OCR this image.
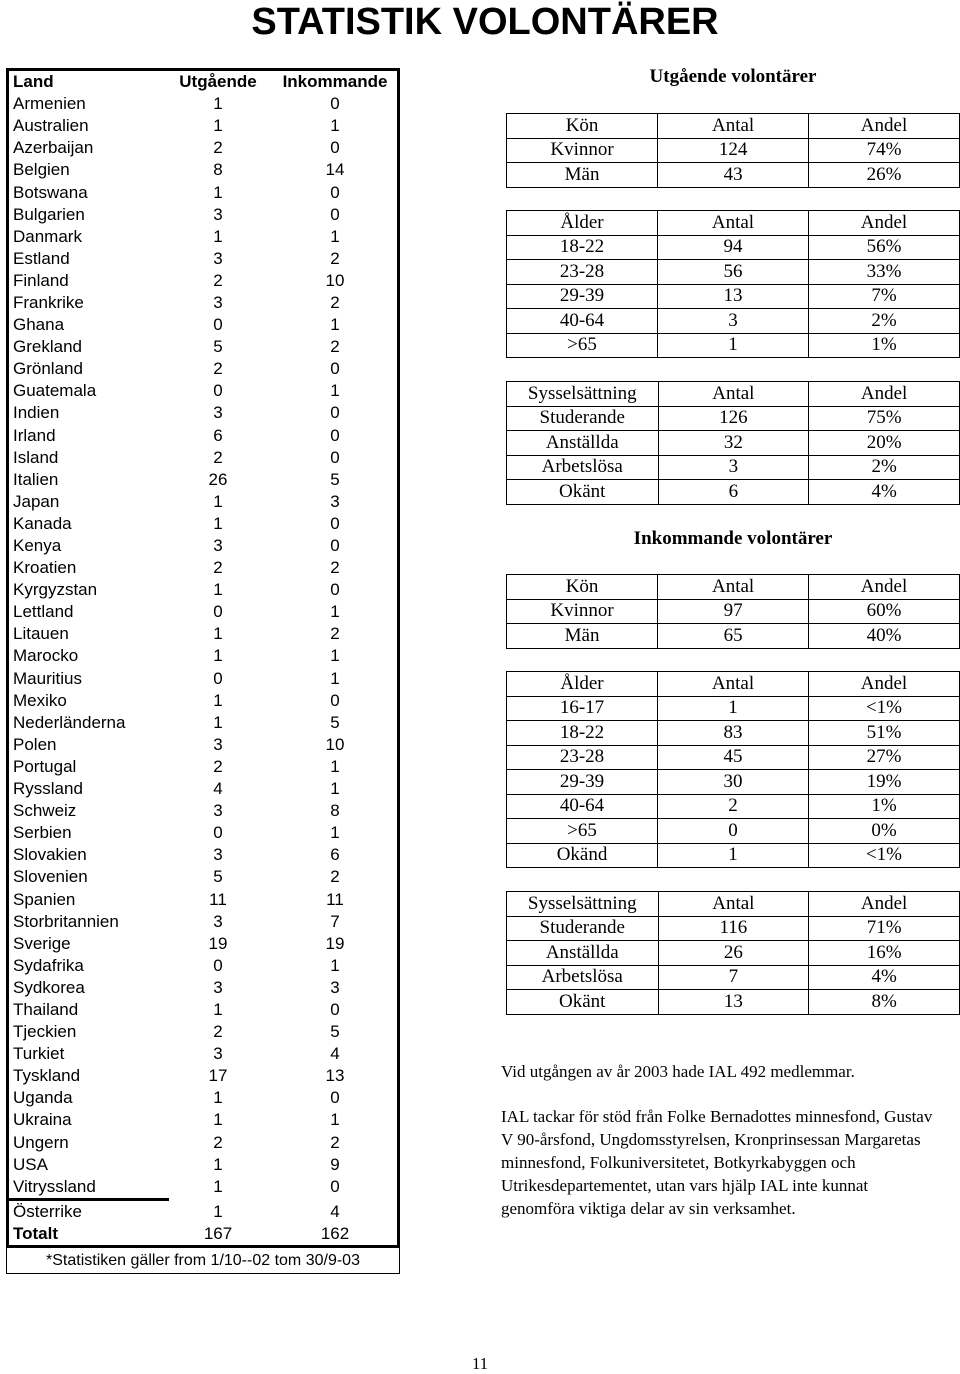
STATISTIK VOLONTÄRER
Land	Utgående	Inkommande
Armenien	1	0
Australien	1	1
Azerbaijan	2	0
Belgien	8	14
Botswana	1	0
Bulgarien	3	0
Danmark	1	1
Estland	3	2
Finland	2	10
Frankrike	3	2
Ghana	0	1
Grekland	5	2
Grönland	2	0
Guatemala	0	1
Indien	3	0
Irland	6	0
Island	2	0
Italien	26	5
Japan	1	3
Kanada	1	0
Kenya	3	0
Kroatien	2	2
Kyrgyzstan	1	0
Lettland	0	1
Litauen	1	2
Marocko	1	1
Mauritius	0	1
Mexiko	1	0
Nederländerna	1	5
Polen	3	10
Portugal	2	1
Ryssland	4	1
Schweiz	3	8
Serbien	0	1
Slovakien	3	6
Slovenien	5	2
Spanien	11	11
Storbritannien	3	7
Sverige	19	19
Sydafrika	0	1
Sydkorea	3	3
Thailand	1	0
Tjeckien	2	5
Turkiet	3	4
Tyskland	17	13
Uganda	1	0
Ukraina	1	1
Ungern	2	2
USA	1	9
Vitryssland	1	0
Österrike	1	4
Totalt	167	162
*Statistiken gäller from 1/10--02 tom 30/9-03
Utgående volontärer
Kön	Antal	Andel
Kvinnor	124	74%
Män	43	26%
Ålder	Antal	Andel
18-22	94	56%
23-28	56	33%
29-39	13	7%
40-64	3	2%
>65	1	1%
Sysselsättning	Antal	Andel
Studerande	126	75%
Anställda	32	20%
Arbetslösa	3	2%
Okänt	6	4%
Inkommande volontärer
Kön	Antal	Andel
Kvinnor	97	60%
Män	65	40%
Ålder	Antal	Andel
16-17	1	<1%
18-22	83	51%
23-28	45	27%
29-39	30	19%
40-64	2	1%
>65	0	0%
Okänd	1	<1%
Sysselsättning	Antal	Andel
Studerande	116	71%
Anställda	26	16%
Arbetslösa	7	4%
Okänt	13	8%
Vid utgången av år 2003 hade IAL 492 medlemmar.
IAL tackar för stöd från Folke Bernadottes minnesfond, Gustav V 90-årsfond, Ungdomsstyrelsen, Kronprinsessan Margaretas minnesfond, Folkuniversitetet, Botkyrkabyggen och Utrikesdepartementet, utan vars hjälp IAL inte kunnat genomföra viktiga delar av sin verksamhet.
11
